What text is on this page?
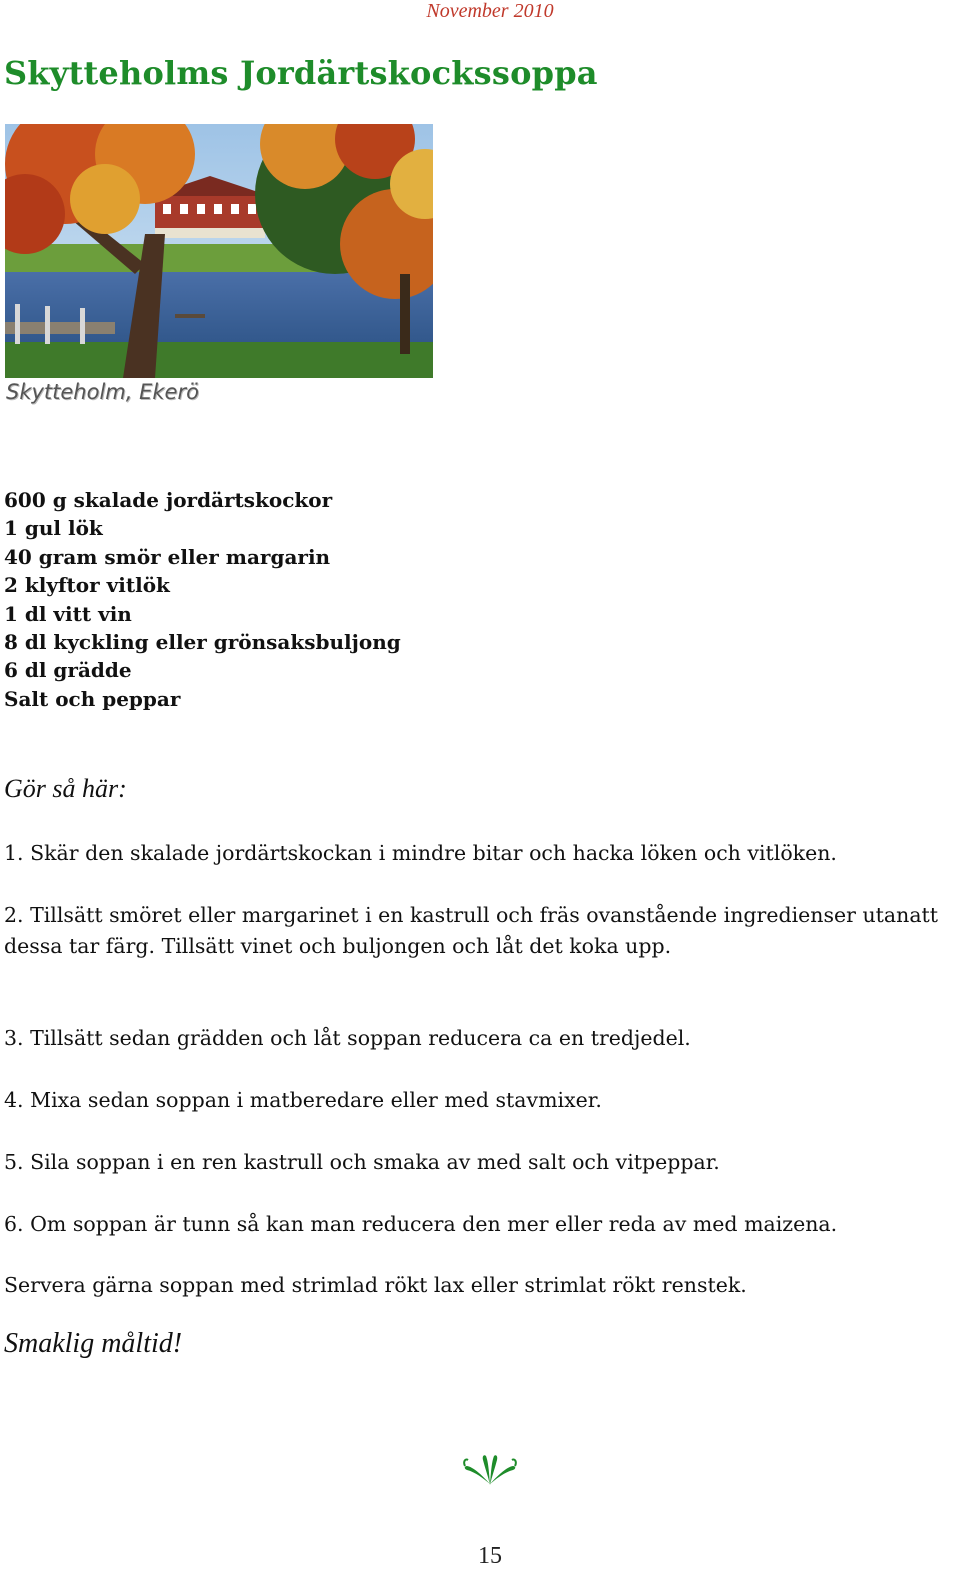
November 2010
Skytteholms Jordärtskockssoppa
Skytteholm, Ekerö
600 g skalade jordärtskockor
1 gul lök
40 gram smör eller margarin
2 klyftor vitlök
1 dl vitt vin
8 dl kyckling eller grönsaksbuljong
6 dl grädde
Salt och peppar
Gör så här:

1. Skär den skalade jordärtskockan i mindre bitar och hacka löken och vitlöken.

2. Tillsätt smöret eller margarinet i en kastrull och fräs ovanstående ingredienser utanatt dessa tar färg. Tillsätt vinet och buljongen och låt det koka upp.

3. Tillsätt sedan grädden och låt soppan reducera ca en tredjedel.

4. Mixa sedan soppan i matberedare eller med stavmixer.

5. Sila soppan i en ren kastrull och smaka av med salt och vitpeppar.

6. Om soppan är tunn så kan man reducera den mer eller reda av med maizena.

Servera gärna soppan med strimlad rökt lax eller strimlat rökt renstek.

Smaklig måltid!
15
